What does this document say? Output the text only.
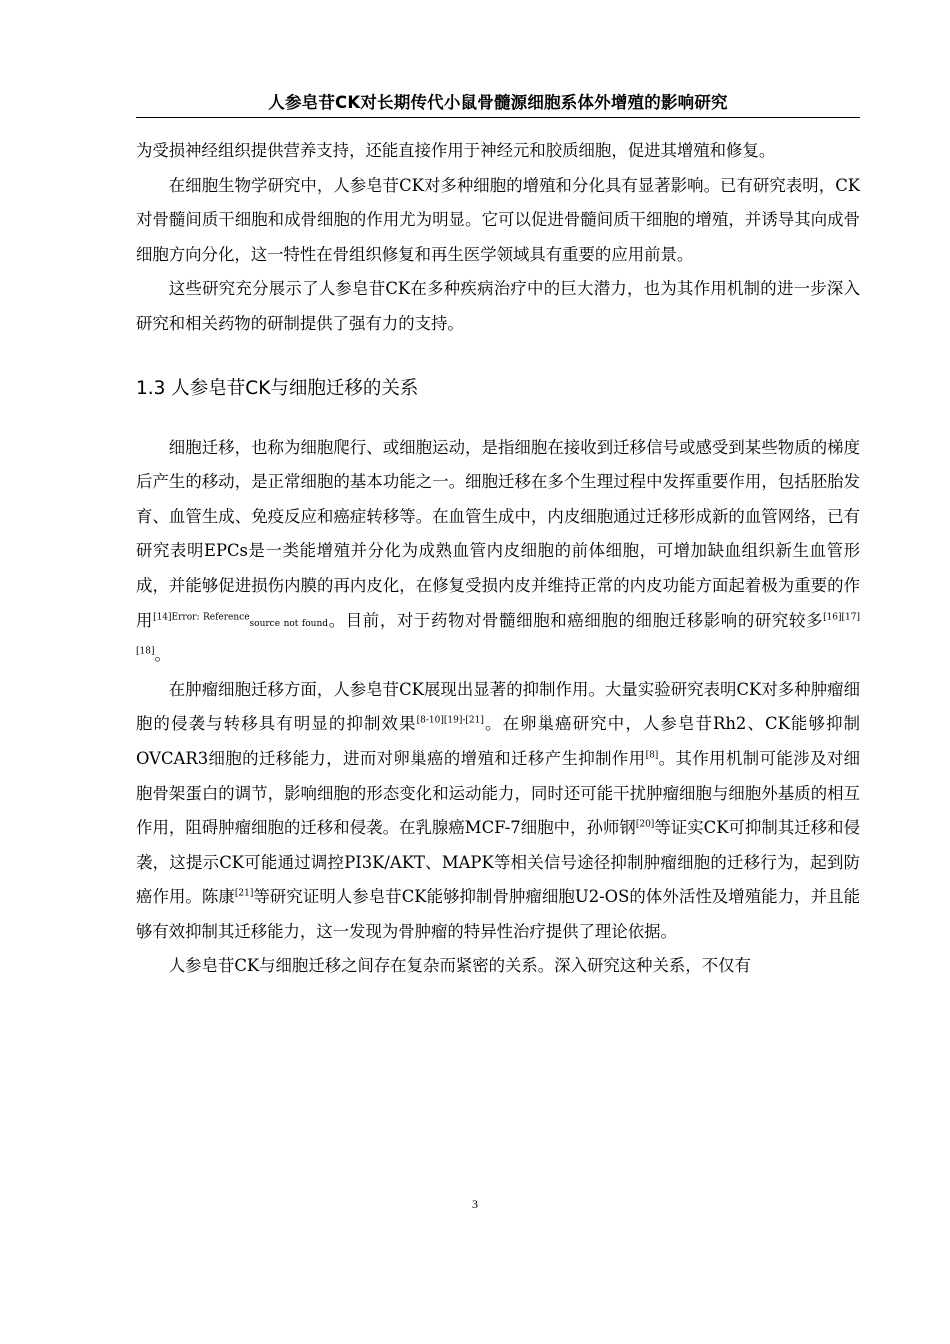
人参皂苷CK对长期传代小鼠骨髓源细胞系体外增殖的影响研究

为受损神经组织提供营养支持，还能直接作用于神经元和胶质细胞，促进其增殖和修复。

在细胞生物学研究中，人参皂苷CK对多种细胞的增殖和分化具有显著影响。已有研究表明，CK对骨髓间质干细胞和成骨细胞的作用尤为明显。它可以促进骨髓间质干细胞的增殖，并诱导其向成骨细胞方向分化，这一特性在骨组织修复和再生医学领域具有重要的应用前景。

这些研究充分展示了人参皂苷CK在多种疾病治疗中的巨大潜力，也为其作用机制的进一步深入研究和相关药物的研制提供了强有力的支持。

1.3 人参皂苷CK与细胞迁移的关系

细胞迁移，也称为细胞爬行、或细胞运动，是指细胞在接收到迁移信号或感受到某些物质的梯度后产生的移动，是正常细胞的基本功能之一。细胞迁移在多个生理过程中发挥重要作用，包括胚胎发育、血管生成、免疫反应和癌症转移等。在血管生成中，内皮细胞通过迁移形成新的血管网络，已有研究表明EPCs是一类能增殖并分化为成熟血管内皮细胞的前体细胞，可增加缺血组织新生血管形成，并能够促进损伤内膜的再内皮化，在修复受损内皮并维持正常的内皮功能方面起着极为重要的作用$^{[14]Error: Reference}$source not found。目前，对于药物对骨髓细胞和癌细胞的细胞迁移影响的研究较多[16][17][18]。

在肿瘤细胞迁移方面，人参皂苷CK展现出显著的抑制作用。大量实验研究表明CK对多种肿瘤细胞的侵袭与转移具有明显的抑制效果[8-10][19]-[21]。在卵巢癌研究中，人参皂苷Rh2、CK能够抑制OVCAR3细胞的迁移能力，进而对卵巢癌的增殖和迁移产生抑制作用[8]。其作用机制可能涉及对细胞骨架蛋白的调节，影响细胞的形态变化和运动能力，同时还可能干扰肿瘤细胞与细胞外基质的相互作用，阻碍肿瘤细胞的迁移和侵袭。在乳腺癌MCF-7细胞中，孙师钢[20]等证实CK可抑制其迁移和侵袭，这提示CK可能通过调控PI3K/AKT、MAPK等相关信号途径抑制肿瘤细胞的迁移行为，起到防癌作用。陈康[21]等研究证明人参皂苷CK能够抑制骨肿瘤细胞U2-OS的体外活性及增殖能力，并且能够有效抑制其迁移能力，这一发现为骨肿瘤的特异性治疗提供了理论依据。

人参皂苷CK与细胞迁移之间存在复杂而紧密的关系。深入研究这种关系，不仅有

3
